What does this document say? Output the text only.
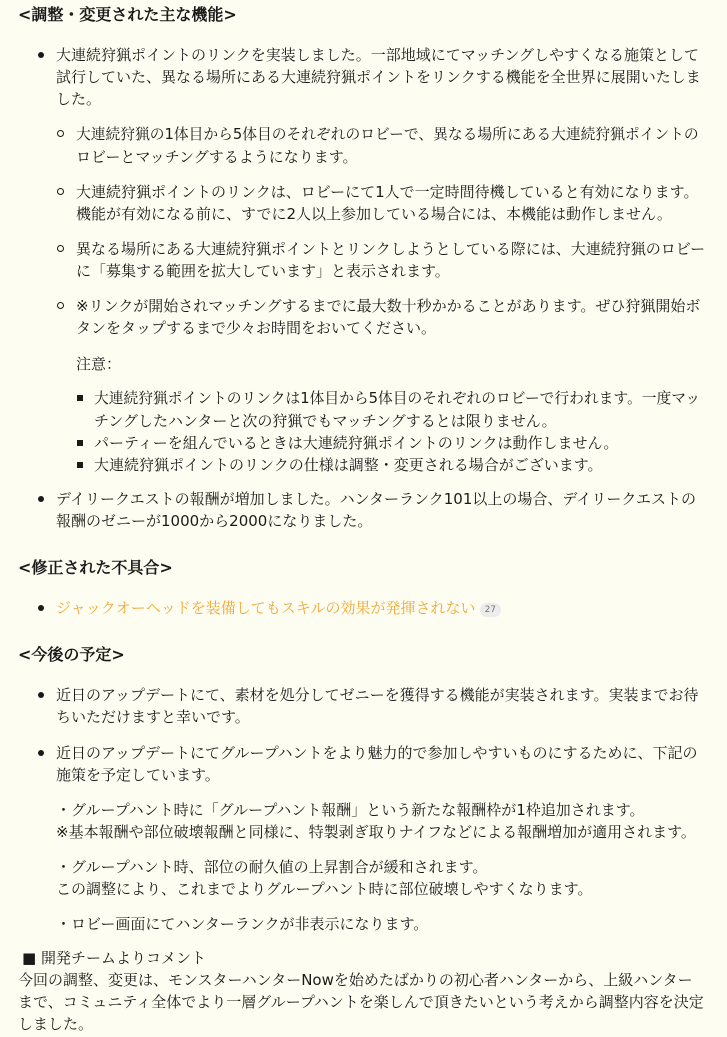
<調整・変更された主な機能>

大連続狩猟ポイントのリンクを実装しました。一部地域にてマッチングしやすくなる施策として
試行していた、異なる場所にある大連続狩猟ポイントをリンクする機能を全世界に展開いたしま
した。

大連続狩猟の1体目から5体目のそれぞれのロビーで、異なる場所にある大連続狩猟ポイントの
ロビーとマッチングするようになります。
大連続狩猟ポイントのリンクは、ロビーにて1人で一定時間待機していると有効になります。
機能が有効になる前に、すでに2人以上参加している場合には、本機能は動作しません。
異なる場所にある大連続狩猟ポイントとリンクしようとしている際には、大連続狩猟のロビー
に「募集する範囲を拡大しています」と表示されます。
※リンクが開始されマッチングするまでに最大数十秒かかることがあります。ぜひ狩猟開始ボ
タンをタップするまで少々お時間をおいてください。

注意：

大連続狩猟ポイントのリンクは1体目から5体目のそれぞれのロビーで行われます。一度マッ
チングしたハンターと次の狩猟でもマッチングするとは限りません。
パーティーを組んでいるときは大連続狩猟ポイントのリンクは動作しません。
大連続狩猟ポイントのリンクの仕様は調整・変更される場合がございます。
デイリークエストの報酬が増加しました。ハンターランク101以上の場合、デイリークエストの
報酬のゼニーが1000から2000になりました。
<修正された不具合>
ジャックオーヘッドを装備してもスキルの効果が発揮されない 27
<今後の予定>
近日のアップデートにて、素材を処分してゼニーを獲得する機能が実装されます。実装までお待
ちいただけますと幸いです。
近日のアップデートにてグループハントをより魅力的で参加しやすいものにするために、下記の
施策を予定しています。

・グループハント時に「グループハント報酬」という新たな報酬枠が1枠追加されます。
※基本報酬や部位破壊報酬と同様に、特製剥ぎ取りナイフなどによる報酬増加が適用されます。

・グループハント時、部位の耐久値の上昇割合が緩和されます。
この調整により、これまでよりグループハント時に部位破壊しやすくなります。

・ロビー画面にてハンターランクが非表示になります。

■ 開発チームよりコメント

今回の調整、変更は、モンスターハンターNowを始めたばかりの初心者ハンターから、上級ハンター
まで、コミュニティ全体でより一層グループハントを楽しんで頂きたいという考えから調整内容を決定
しました。
